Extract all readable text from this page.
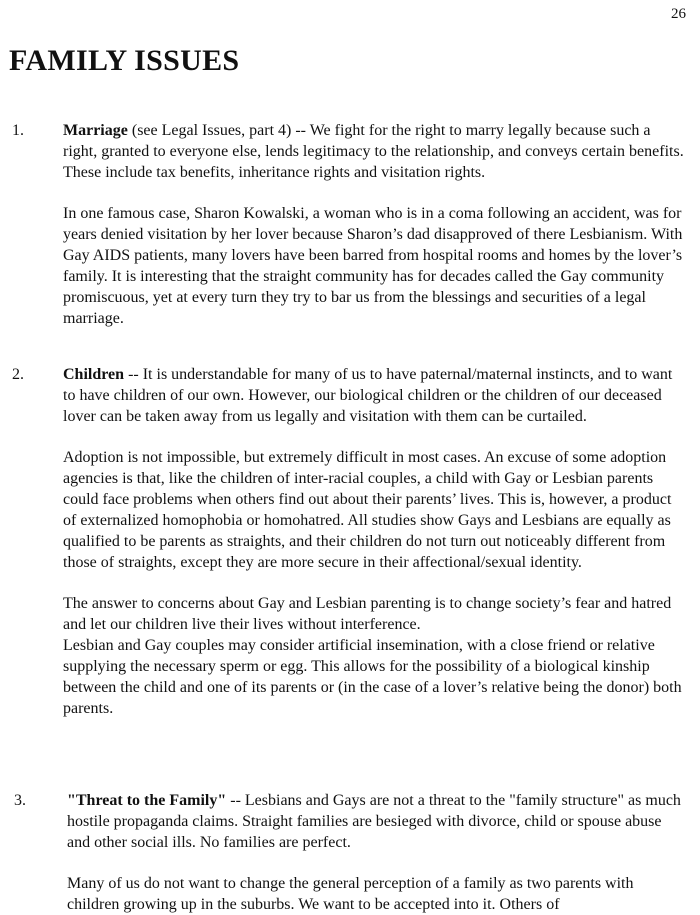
26
FAMILY ISSUES
1. Marriage (see Legal Issues, part 4) -- We fight for the right to marry legally because such a right, granted to everyone else, lends legitimacy to the relationship, and conveys certain benefits. These include tax benefits, inheritance rights and visitation rights.

In one famous case, Sharon Kowalski, a woman who is in a coma following an accident, was for years denied visitation by her lover because Sharon’s dad disapproved of there Lesbianism. With Gay AIDS patients, many lovers have been barred from hospital rooms and homes by the lover’s family. It is interesting that the straight community has for decades called the Gay community promiscuous, yet at every turn they try to bar us from the blessings and securities of a legal marriage.

2. Children -- It is understandable for many of us to have paternal/maternal instincts, and to want to have children of our own. However, our biological children or the children of our deceased lover can be taken away from us legally and visitation with them can be curtailed.

Adoption is not impossible, but extremely difficult in most cases. An excuse of some adoption agencies is that, like the children of inter-racial couples, a child with Gay or Lesbian parents could face problems when others find out about their parents’ lives. This is, however, a product of externalized homophobia or homohatred. All studies show Gays and Lesbians are equally as qualified to be parents as straights, and their children do not turn out noticeably different from those of straights, except they are more secure in their affectional/sexual identity.

The answer to concerns about Gay and Lesbian parenting is to change society’s fear and hatred and let our children live their lives without interference.

Lesbian and Gay couples may consider artificial insemination, with a close friend or relative supplying the necessary sperm or egg. This allows for the possibility of a biological kinship between the child and one of its parents or (in the case of a lover’s relative being the donor) both parents.

3.	"Threat to the Family" -- Lesbians and Gays are not a threat to the "family structure" as much hostile propaganda claims. Straight families are besieged with divorce, child or spouse abuse and other social ills. No families are perfect.

Many of us do not want to change the general perception of a family as two parents with children growing up in the suburbs. We want to be accepted into it. Others of
